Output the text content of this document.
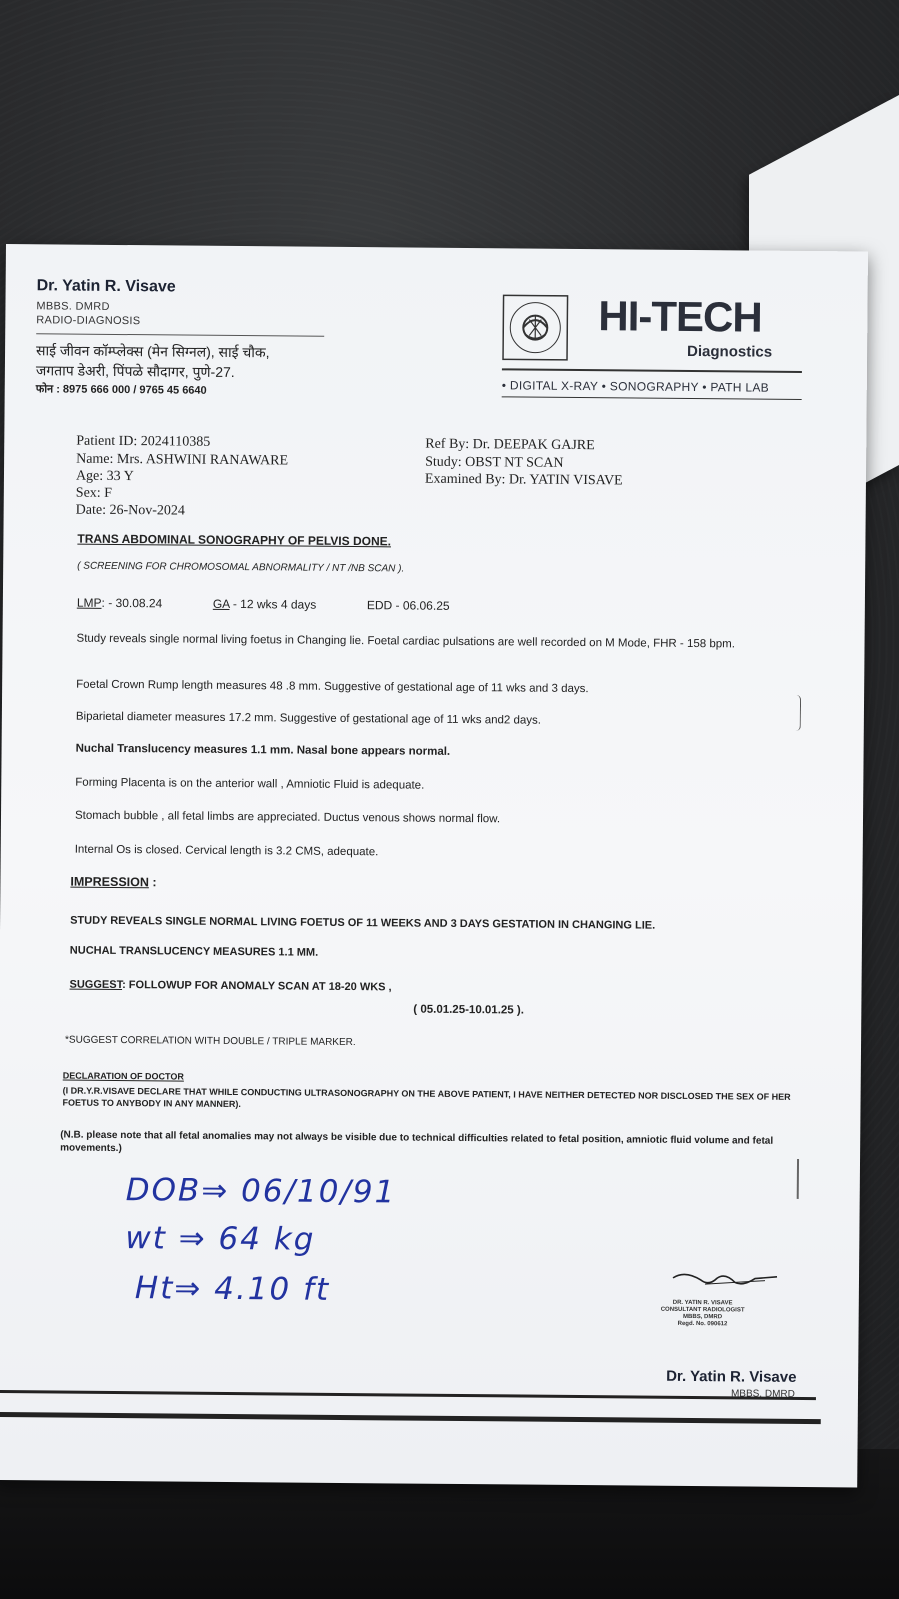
Dr. Yatin R. Visave
MBBS. DMRD
RADIO-DIAGNOSIS
साई जीवन कॉम्प्लेक्स (मेन सिग्नल), साई चौक,
जगताप डेअरी, पिंपळे सौदागर, पुणे-27.
फोन : 8975 666 000 / 9765 45 6640
HI-TECH
Diagnostics
• DIGITAL X-RAY • SONOGRAPHY • PATH LAB
Patient ID: 2024110385
Name: Mrs. ASHWINI RANAWARE
Age: 33 Y
Sex: F
Date: 26-Nov-2024
Ref By: Dr. DEEPAK GAJRE
Study: OBST NT SCAN
Examined By: Dr. YATIN VISAVE
TRANS ABDOMINAL SONOGRAPHY OF PELVIS DONE.
( SCREENING FOR CHROMOSOMAL ABNORMALITY / NT /NB SCAN ).
LMP: - 30.08.24	GA - 12 wks 4 days	EDD - 06.06.25
Study reveals single normal living foetus in Changing lie. Foetal cardiac pulsations are well recorded on M Mode, FHR - 158 bpm.
Foetal Crown Rump length measures 48 .8 mm. Suggestive of gestational age of 11 wks and 3 days.
Biparietal diameter measures 17.2 mm. Suggestive of gestational age of 11 wks and2 days.
Nuchal Translucency measures 1.1 mm. Nasal bone appears normal.
Forming Placenta is on the anterior wall , Amniotic Fluid is adequate.
Stomach bubble , all fetal limbs are appreciated. Ductus venous shows normal flow.
Internal Os is closed. Cervical length is 3.2 CMS, adequate.
IMPRESSION :
STUDY REVEALS SINGLE NORMAL LIVING FOETUS OF 11 WEEKS AND 3 DAYS GESTATION IN CHANGING LIE.
NUCHAL TRANSLUCENCY MEASURES 1.1 MM.
SUGGEST: FOLLOWUP FOR ANOMALY SCAN AT 18-20 WKS ,
( 05.01.25-10.01.25 ).
*SUGGEST CORRELATION WITH DOUBLE / TRIPLE MARKER.
DECLARATION OF DOCTOR
(I DR.Y.R.VISAVE DECLARE THAT WHILE CONDUCTING ULTRASONOGRAPHY ON THE ABOVE PATIENT, I HAVE NEITHER DETECTED NOR DISCLOSED THE SEX OF HER FOETUS TO ANYBODY IN ANY MANNER).
(N.B. please note that all fetal anomalies may not always be visible due to technical difficulties related to fetal position, amniotic fluid volume and fetal movements.)
DOB⇒ 06/10/91
wt ⇒ 64 kg
Ht⇒ 4.10 ft	DR. YATIN R. VISAVE
CONSULTANT RADIOLOGIST
MBBS, DMRD
Regd. No. 090612
Dr. Yatin R. Visave
MBBS. DMRD
